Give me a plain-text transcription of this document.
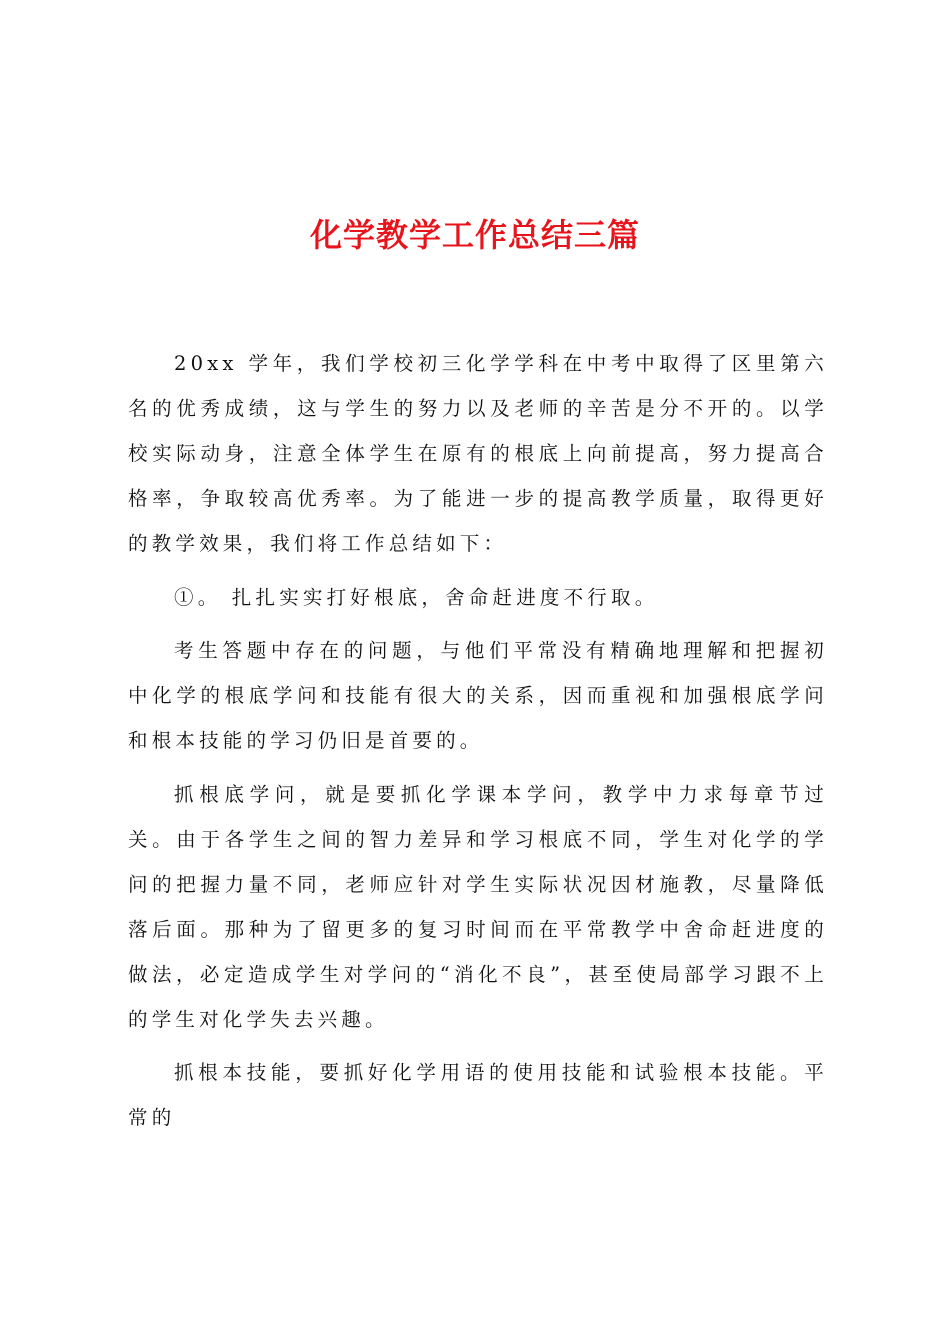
化学教学工作总结三篇

20xx 学年，我们学校初三化学学科在中考中取得了区里第六名的优秀成绩，这与学生的努力以及老师的辛苦是分不开的。以学校实际动身，注意全体学生在原有的根底上向前提高，努力提高合格率，争取较高优秀率。为了能进一步的提高教学质量，取得更好的教学效果，我们将工作总结如下：

①。 扎扎实实打好根底，舍命赶进度不行取。

考生答题中存在的问题，与他们平常没有精确地理解和把握初中化学的根底学问和技能有很大的关系，因而重视和加强根底学问和根本技能的学习仍旧是首要的。

抓根底学问，就是要抓化学课本学问，教学中力求每章节过关。由于各学生之间的智力差异和学习根底不同，学生对化学的学问的把握力量不同，老师应针对学生实际状况因材施教，尽量降低落后面。那种为了留更多的复习时间而在平常教学中舍命赶进度的做法，必定造成学生对学问的“消化不良”，甚至使局部学习跟不上的学生对化学失去兴趣。

抓根本技能，要抓好化学用语的使用技能和试验根本技能。平常的
